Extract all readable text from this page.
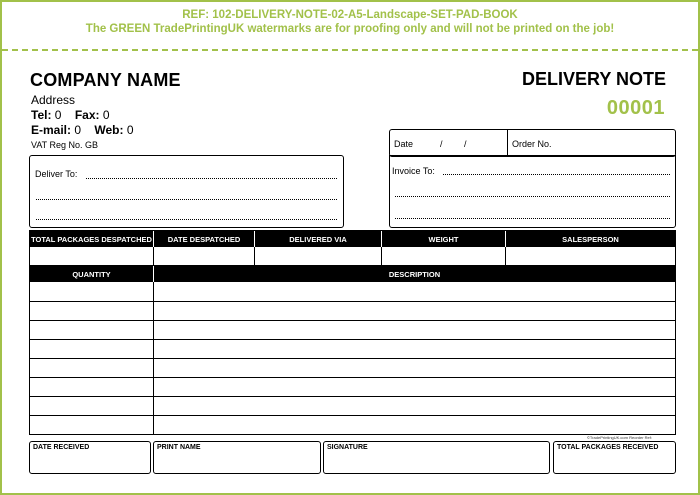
REF: 102-DELIVERY-NOTE-02-A5-Landscape-SET-PAD-BOOK
The GREEN TradePrintingUK watermarks are for proofing only and will not be printed on the job!
COMPANY NAME
Address
Tel: 0 Fax: 0
E-mail: 0 Web: 0
VAT Reg No. GB
DELIVERY NOTE
00001
Deliver To:
Date	/ /	Order No.
Invoice To:
TOTAL PACKAGES DESPATCHED	DATE DESPATCHED	DELIVERED VIA	WEIGHT	SALESPERSON
QUANTITY	DESCRIPTION
©TradePrintingUK.com Reorder Ref:
DATE RECEIVED	PRINT NAME	SIGNATURE	TOTAL PACKAGES RECEIVED
